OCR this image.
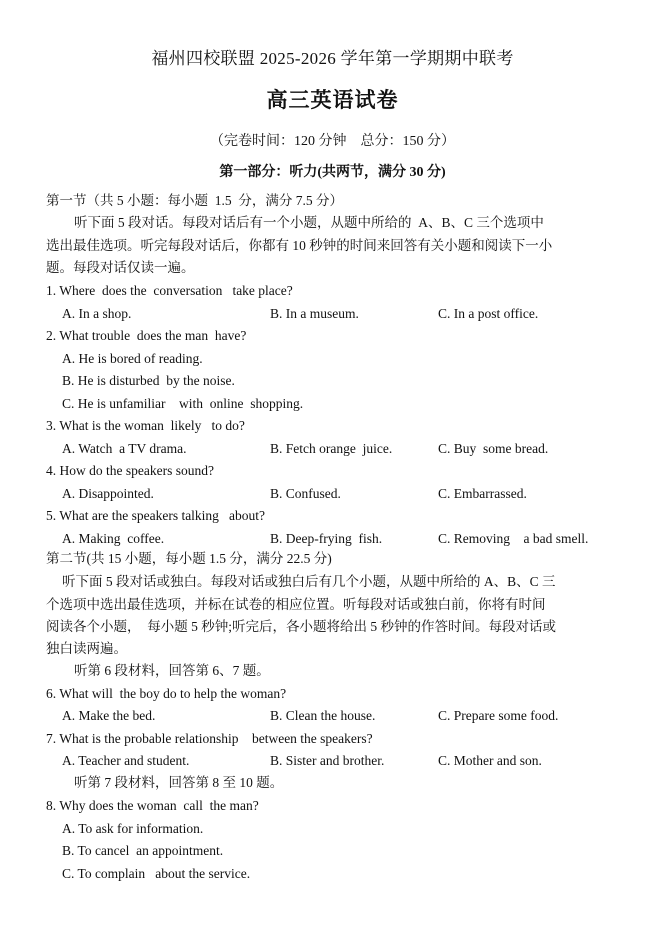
福州四校联盟 2025-2026 学年第一学期期中联考
高三英语试卷
（完卷时间：120 分钟    总分：150 分）
第一部分：听力(共两节，满分 30 分)
第一节（共 5 小题：每小题  1.5  分，满分 7.5 分）
听下面 5 段对话。每段对话后有一个小题，从题中所给的  A、B、C 三个选项中
选出最佳选项。听完每段对话后，你都有 10 秒钟的时间来回答有关小题和阅读下一小
题。每段对话仅读一遍。
1. Where  does the  conversation   take place?
A. In a shop.	B. In a museum.	C. In a post office.
2. What trouble  does the man  have?
A. He is bored of reading.
B. He is disturbed  by the noise.
C. He is unfamiliar    with  online  shopping.
3. What is the woman  likely   to do?
A. Watch  a TV drama.	B. Fetch orange  juice.	C. Buy  some bread.
4. How do the speakers sound?
A. Disappointed.	B. Confused.	C. Embarrassed.
5. What are the speakers talking   about?
A. Making  coffee.	B. Deep-frying  fish.	C. Removing    a bad smell.
第二节(共 15 小题，每小题 1.5 分，满分 22.5 分)
听下面 5 段对话或独白。每段对话或独白后有几个小题，从题中所给的 A、B、C 三
个选项中选出最佳选项，并标在试卷的相应位置。听每段对话或独白前，你将有时间
阅读各个小题，  每小题 5 秒钟;听完后，各小题将给出 5 秒钟的作答时间。每段对话或
独白读两遍。
听第 6 段材料，回答第 6、7 题。
6. What will  the boy do to help the woman?
A. Make the bed.	B. Clean the house.	C. Prepare some food.
7. What is the probable relationship    between the speakers?
A. Teacher and student.	B. Sister and brother.	C. Mother and son.
听第 7 段材料，回答第 8 至 10 题。
8. Why does the woman  call  the man?
A. To ask for information.
B. To cancel  an appointment.
C. To complain   about the service.
